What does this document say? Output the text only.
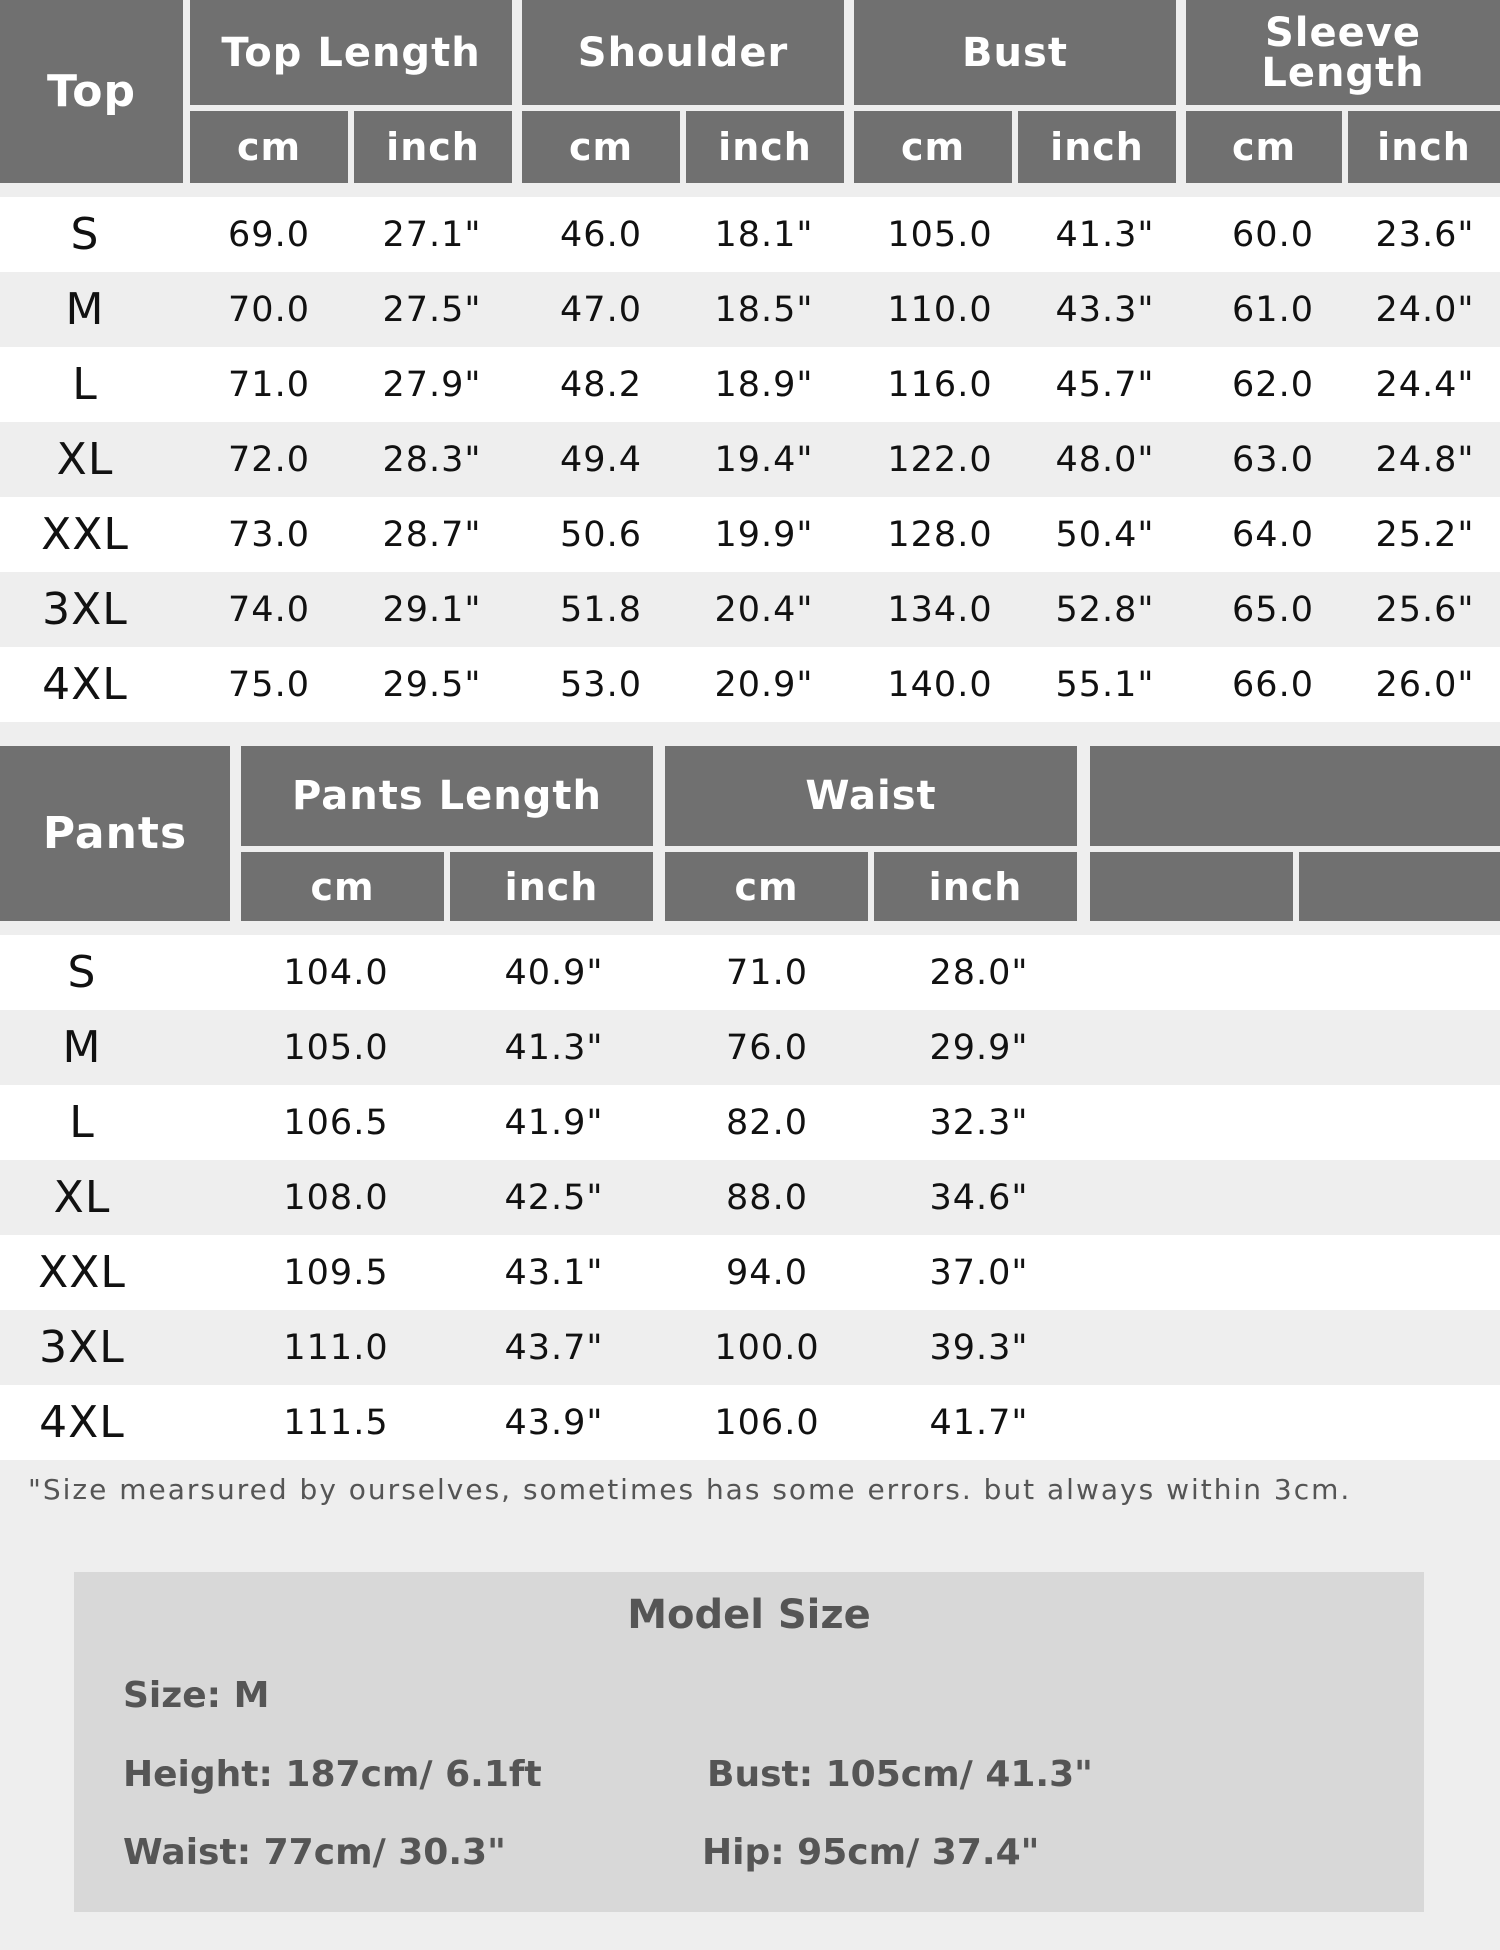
Top
Top Length	Shoulder	Bust	Sleeve Length
cm	inch	cm	inch	cm	inch	cm	inch
S	69.0	27.1"	46.0	18.1"	105.0	41.3"	60.0	23.6"
M	70.0	27.5"	47.0	18.5"	110.0	43.3"	61.0	24.0"
L	71.0	27.9"	48.2	18.9"	116.0	45.7"	62.0	24.4"
XL	72.0	28.3"	49.4	19.4"	122.0	48.0"	63.0	24.8"
XXL	73.0	28.7"	50.6	19.9"	128.0	50.4"	64.0	25.2"
3XL	74.0	29.1"	51.8	20.4"	134.0	52.8"	65.0	25.6"
4XL	75.0	29.5"	53.0	20.9"	140.0	55.1"	66.0	26.0"
Pants
Pants Length	Waist
cm	inch	cm	inch
S	104.0	40.9"	71.0	28.0"
M	105.0	41.3"	76.0	29.9"
L	106.5	41.9"	82.0	32.3"
XL	108.0	42.5"	88.0	34.6"
XXL	109.5	43.1"	94.0	37.0"
3XL	111.0	43.7"	100.0	39.3"
4XL	111.5	43.9"	106.0	41.7"
"Size mearsured by ourselves, sometimes has some errors. but always within 3cm.
Model Size
Size: M
Height: 187cm/ 6.1ft	Bust: 105cm/ 41.3"
Waist: 77cm/ 30.3"	Hip: 95cm/ 37.4"
